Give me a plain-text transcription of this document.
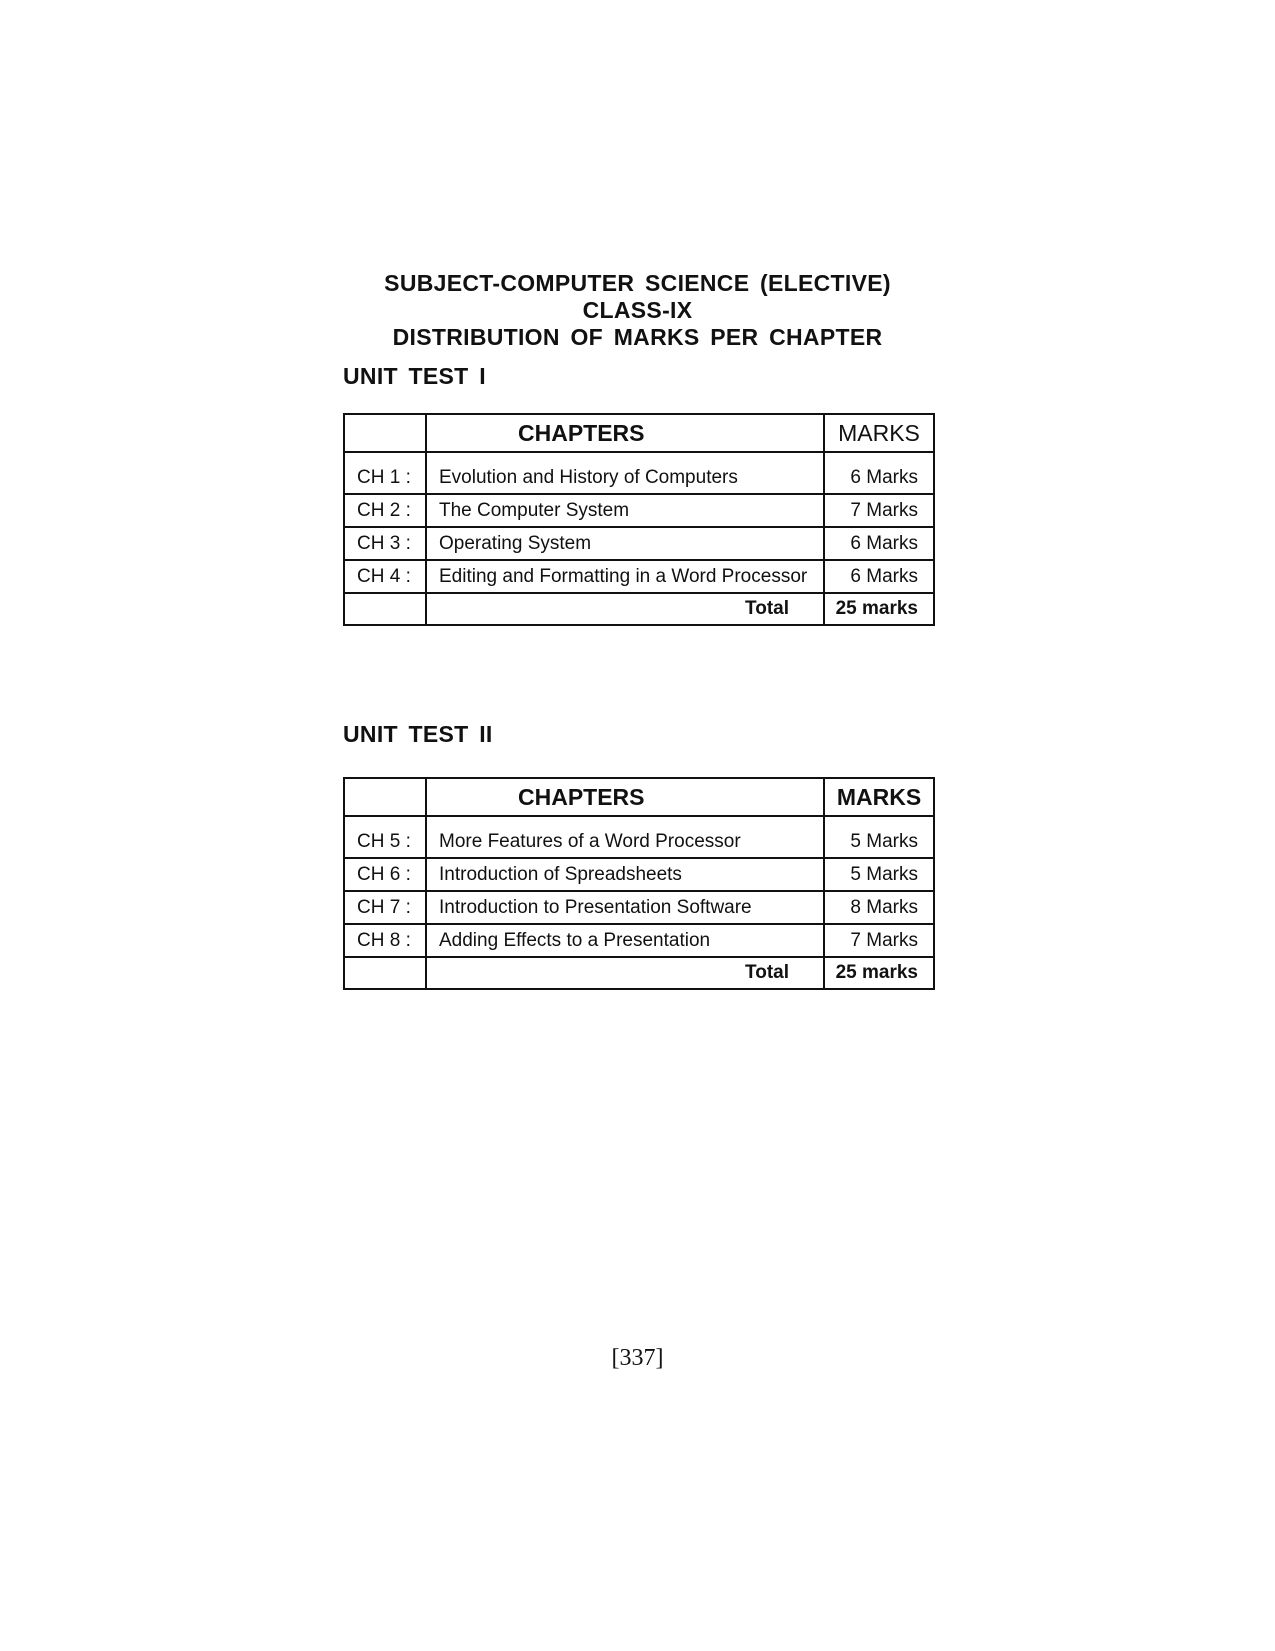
SUBJECT-COMPUTER SCIENCE (ELECTIVE)
CLASS-IX
DISTRIBUTION OF MARKS PER CHAPTER
UNIT TEST I
	CHAPTERS	MARKS
CH 1 :	Evolution and History of Computers	6 Marks
CH 2 :	The Computer System	7 Marks
CH 3 :	Operating System	6 Marks
CH 4 :	Editing and Formatting in a Word Processor	6 Marks
	Total	25 marks
UNIT TEST II
	CHAPTERS	MARKS
CH 5 :	More Features of a Word Processor	5 Marks
CH 6 :	Introduction of Spreadsheets	5 Marks
CH 7 :	Introduction to Presentation Software	8 Marks
CH 8 :	Adding Effects to a Presentation	7 Marks
	Total	25 marks
[337]
